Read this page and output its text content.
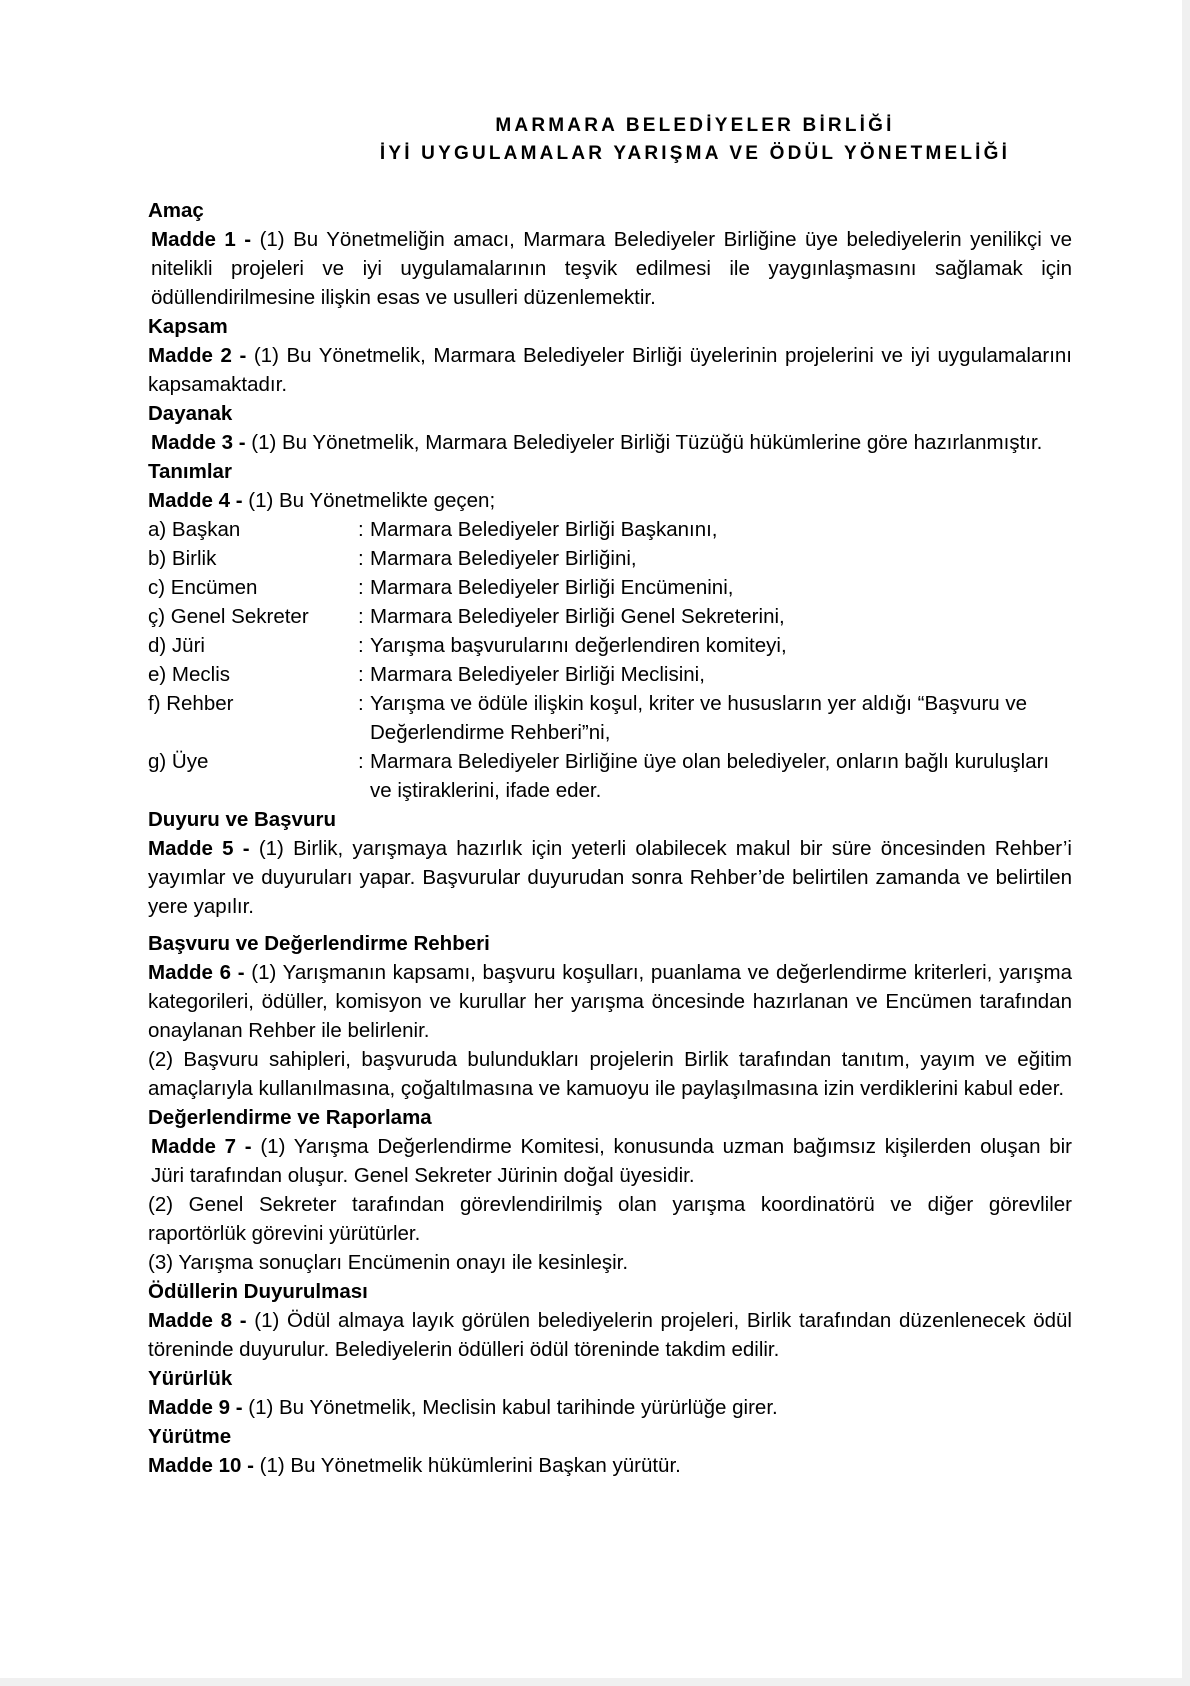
MARMARA BELEDİYELER BİRLİĞİ
İYİ UYGULAMALAR YARIŞMA VE ÖDÜL YÖNETMELİĞİ
Amaç

Madde 1 - (1) Bu Yönetmeliğin amacı, Marmara Belediyeler Birliğine üye belediyelerin yenilikçi ve nitelikli projeleri ve iyi uygulamalarının teşvik edilmesi ile yaygınlaşmasını sağlamak için ödüllendirilmesine ilişkin esas ve usulleri düzenlemektir.

Kapsam

Madde 2 - (1) Bu Yönetmelik, Marmara Belediyeler Birliği üyelerinin projelerini ve iyi uygulamalarını kapsamaktadır.

Dayanak

Madde 3 - (1) Bu Yönetmelik, Marmara Belediyeler Birliği Tüzüğü hükümlerine göre hazırlanmıştır.

Tanımlar

Madde 4 - (1) Bu Yönetmelikte geçen;

a) Başkan	: Marmara Belediyeler Birliği Başkanını,
b) Birlik	: Marmara Belediyeler Birliğini,
c) Encümen	: Marmara Belediyeler Birliği Encümenini,
ç) Genel Sekreter	: Marmara Belediyeler Birliği Genel Sekreterini,
d) Jüri	: Yarışma başvurularını değerlendiren komiteyi,
e) Meclis	: Marmara Belediyeler Birliği Meclisini,
f) Rehber	: Yarışma ve ödüle ilişkin koşul, kriter ve hususların yer aldığı “Başvuru ve Değerlendirme Rehberi”ni,
g) Üye	: Marmara Belediyeler Birliğine üye olan belediyeler, onların bağlı kuruluşları ve iştiraklerini, ifade eder.
Duyuru ve Başvuru

Madde 5 - (1) Birlik, yarışmaya hazırlık için yeterli olabilecek makul bir süre öncesinden Rehber’i yayımlar ve duyuruları yapar. Başvurular duyurudan sonra Rehber’de belirtilen zamanda ve belirtilen yere yapılır.

Başvuru ve Değerlendirme Rehberi

Madde 6 - (1) Yarışmanın kapsamı, başvuru koşulları, puanlama ve değerlendirme kriterleri, yarışma kategorileri, ödüller, komisyon ve kurullar her yarışma öncesinde hazırlanan ve Encümen tarafından onaylanan Rehber ile belirlenir.

(2) Başvuru sahipleri, başvuruda bulundukları projelerin Birlik tarafından tanıtım, yayım ve eğitim amaçlarıyla kullanılmasına, çoğaltılmasına ve kamuoyu ile paylaşılmasına izin verdiklerini kabul eder.

Değerlendirme ve Raporlama

Madde 7 - (1) Yarışma Değerlendirme Komitesi, konusunda uzman bağımsız kişilerden oluşan bir Jüri tarafından oluşur. Genel Sekreter Jürinin doğal üyesidir.

(2) Genel Sekreter tarafından görevlendirilmiş olan yarışma koordinatörü ve diğer görevliler raportörlük görevini yürütürler.

(3) Yarışma sonuçları Encümenin onayı ile kesinleşir.

Ödüllerin Duyurulması

Madde 8 - (1) Ödül almaya layık görülen belediyelerin projeleri, Birlik tarafından düzenlenecek ödül töreninde duyurulur. Belediyelerin ödülleri ödül töreninde takdim edilir.

Yürürlük

Madde 9 - (1) Bu Yönetmelik, Meclisin kabul tarihinde yürürlüğe girer.

Yürütme

Madde 10 - (1) Bu Yönetmelik hükümlerini Başkan yürütür.
